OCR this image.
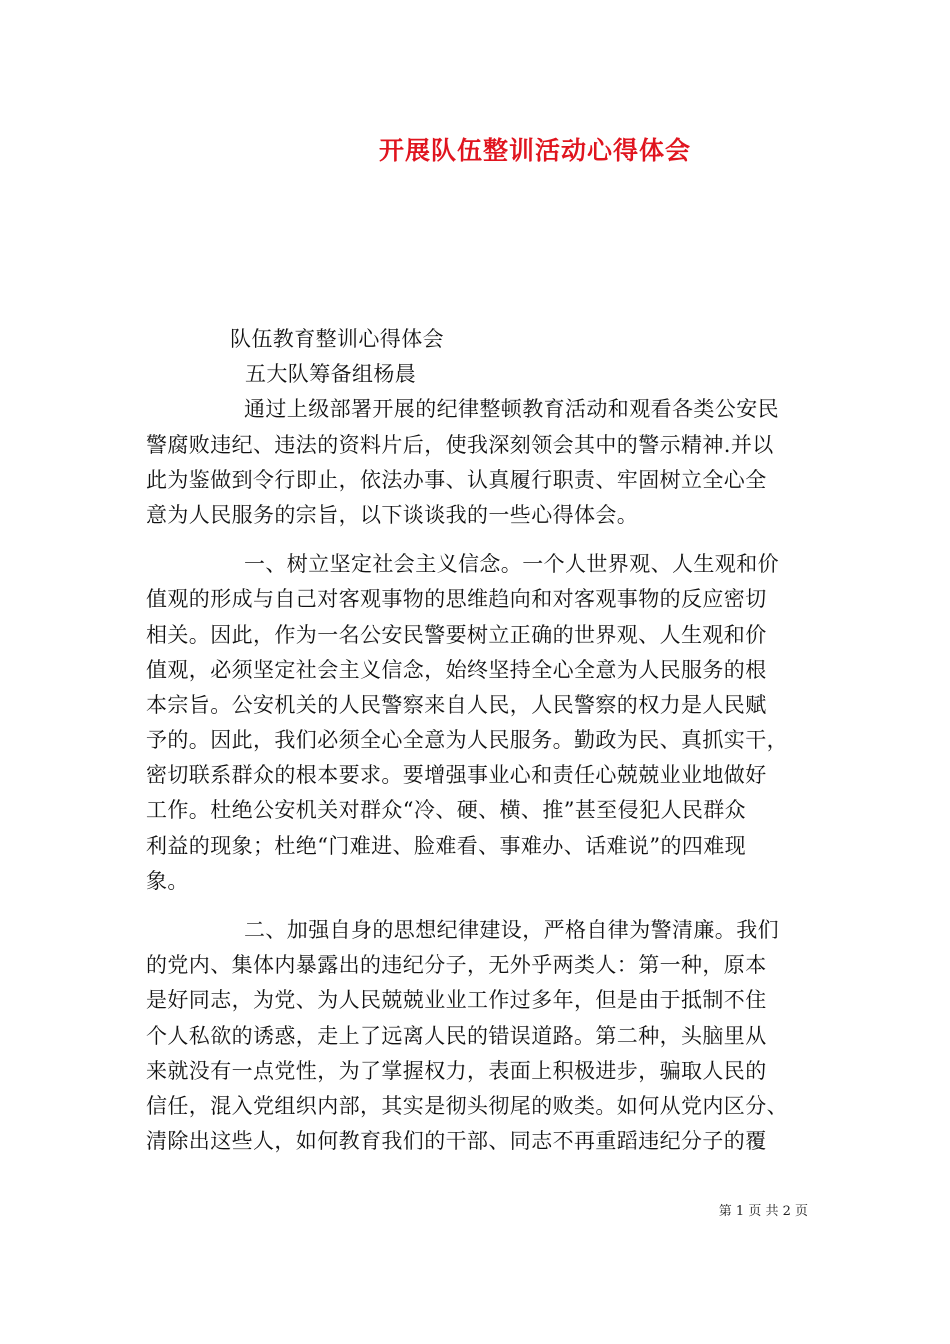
开展队伍整训活动心得体会
队伍教育整训心得体会
五大队筹备组杨晨
通过上级部署开展的纪律整顿教育活动和观看各类公安民
警腐败违纪、违法的资料片后，使我深刻领会其中的警示精神.并以
此为鉴做到令行即止，依法办事、认真履行职责、牢固树立全心全
意为人民服务的宗旨，以下谈谈我的一些心得体会。
一、树立坚定社会主义信念。一个人世界观、人生观和价
值观的形成与自己对客观事物的思维趋向和对客观事物的反应密切
相关。因此，作为一名公安民警要树立正确的世界观、人生观和价
值观，必须坚定社会主义信念，始终坚持全心全意为人民服务的根
本宗旨。公安机关的人民警察来自人民，人民警察的权力是人民赋
予的。因此，我们必须全心全意为人民服务。勤政为民、真抓实干，
密切联系群众的根本要求。要增强事业心和责任心兢兢业业地做好
工作。杜绝公安机关对群众“冷、硬、横、推”甚至侵犯人民群众
利益的现象；杜绝“门难进、脸难看、事难办、话难说”的四难现
象。
二、加强自身的思想纪律建设，严格自律为警清廉。我们
的党内、集体内暴露出的违纪分子，无外乎两类人：第一种，原本
是好同志，为党、为人民兢兢业业工作过多年，但是由于抵制不住
个人私欲的诱惑，走上了远离人民的错误道路。第二种，头脑里从
来就没有一点党性，为了掌握权力，表面上积极进步，骗取人民的
信任，混入党组织内部，其实是彻头彻尾的败类。如何从党内区分、
清除出这些人，如何教育我们的干部、同志不再重蹈违纪分子的覆
第 1 页 共 2 页
